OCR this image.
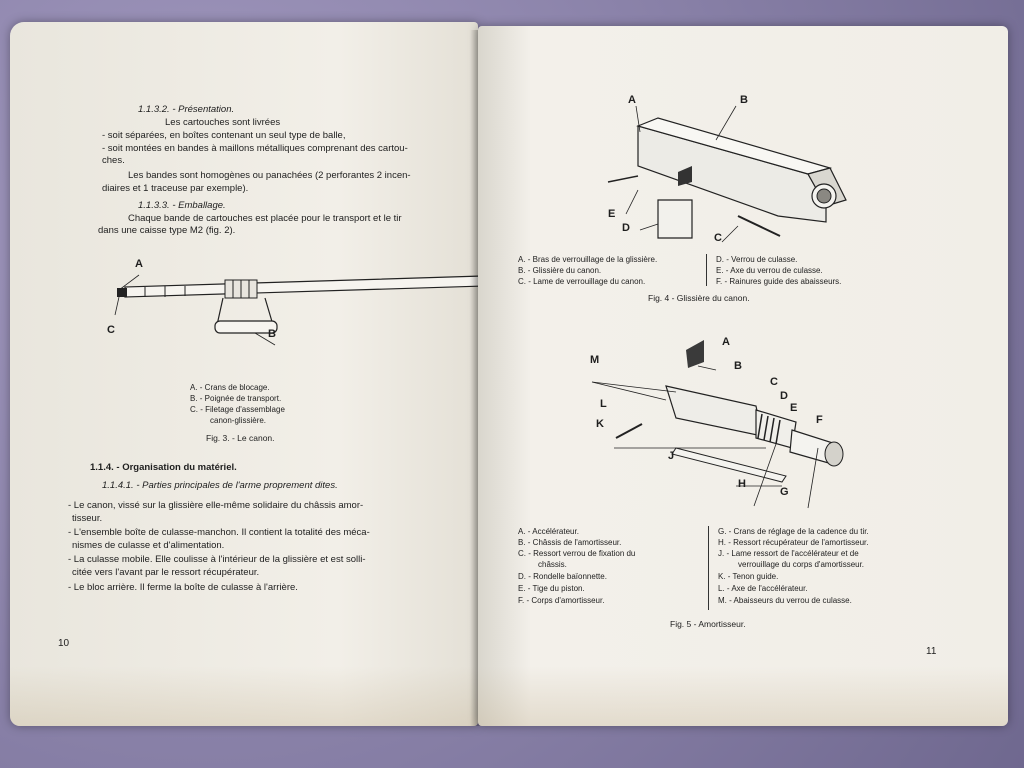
1.1.3.2. - Présentation.
Les cartouches sont livrées
- soit séparées, en boîtes contenant un seul type de balle,
- soit montées en bandes à maillons métalliques comprenant des cartou-
ches.
Les bandes sont homogènes ou panachées (2 perforantes 2 incen-
diaires et 1 traceuse par exemple).
1.1.3.3. - Emballage.
Chaque bande de cartouches est placée pour le transport et le tir
dans une caisse type M2 (fig. 2).
A
B
C
A. - Crans de blocage.
B. - Poignée de transport.
C. - Filetage d'assemblage
canon-glissière.
Fig. 3. - Le canon.
1.1.4. - Organisation du matériel.
1.1.4.1. - Parties principales de l'arme proprement dites.
- Le canon, vissé sur la glissière elle-même solidaire du châssis amor-
tisseur.
- L'ensemble boîte de culasse-manchon. Il contient la totalité des méca-
nismes de culasse et d'alimentation.
- La culasse mobile. Elle coulisse à l'intérieur de la glissière et est solli-
citée vers l'avant par le ressort récupérateur.
- Le bloc arrière. Il ferme la boîte de culasse à l'arrière.
10
A	B
C
D
E
A. - Bras de verrouillage de la glissière.
B. - Glissière du canon.
C. - Lame de verrouillage du canon.
D. - Verrou de culasse.
E. - Axe du verrou de culasse.
F. - Rainures guide des abaisseurs.
Fig. 4 - Glissière du canon.
A
B
C
D
E
F
G
H
J
K
L
M
A. - Accélérateur.
B. - Châssis de l'amortisseur.
C. - Ressort verrou de fixation du
châssis.
D. - Rondelle baïonnette.
E. - Tige du piston.
F. - Corps d'amortisseur.
G. - Crans de réglage de la cadence du tir.
H. - Ressort récupérateur de l'amortisseur.
J. - Lame ressort de l'accélérateur et de
verrouillage du corps d'amortisseur.
K. - Tenon guide.
L. - Axe de l'accélérateur.
M. - Abaisseurs du verrou de culasse.
Fig. 5 - Amortisseur.
11
